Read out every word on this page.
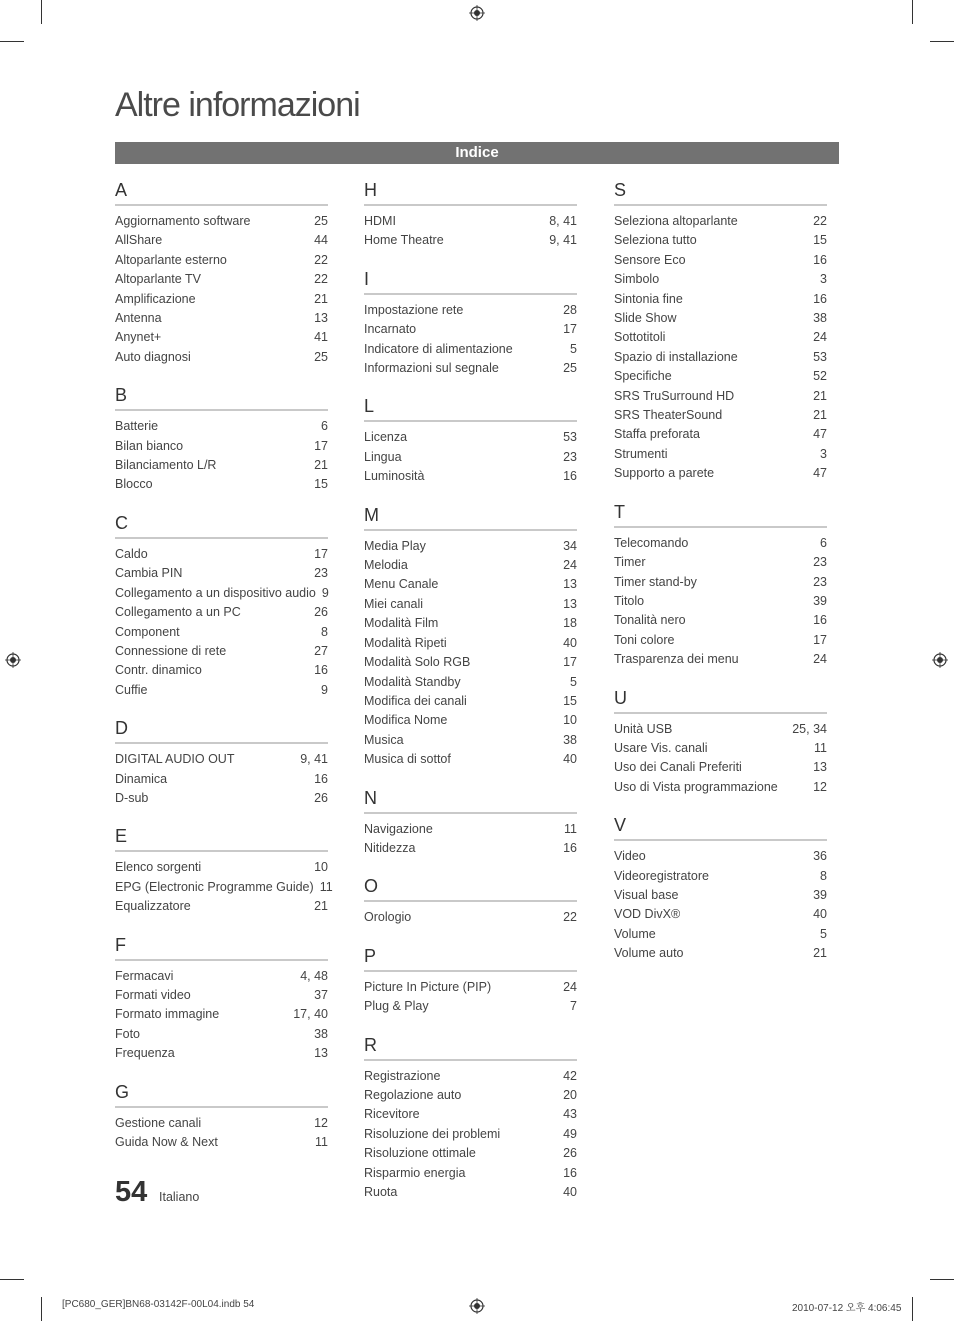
Altre informazioni
Indice
A
Aggiornamento software	25
AllShare	44
Altoparlante esterno	22
Altoparlante TV	22
Amplificazione	21
Antenna	13
Anynet+	41
Auto diagnosi	25
B
Batterie	6
Bilan bianco	17
Bilanciamento L/R	21
Blocco	15
C
Caldo	17
Cambia PIN	23
Collegamento a un dispositivo audio 9
Collegamento a un PC	26
Component	8
Connessione di rete	27
Contr. dinamico	16
Cuffie	9
D
DIGITAL AUDIO OUT	9, 41
Dinamica	16
D-sub	26
E
Elenco sorgenti	10
EPG (Electronic Programme Guide) 11
Equalizzatore	21
F
Fermacavi	4, 48
Formati video	37
Formato immagine	17, 40
Foto	38
Frequenza	13
G
Gestione canali	12
Guida Now & Next	11
H
HDMI	8, 41
Home Theatre	9, 41
I
Impostazione rete	28
Incarnato	17
Indicatore di alimentazione	5
Informazioni sul segnale	25
L
Licenza	53
Lingua	23
Luminosità	16
M
Media Play	34
Melodia	24
Menu Canale	13
Miei canali	13
Modalità Film	18
Modalità Ripeti	40
Modalità Solo RGB	17
Modalità Standby	5
Modifica dei canali	15
Modifica Nome	10
Musica	38
Musica di sottof	40
N
Navigazione	11
Nitidezza	16
O
Orologio	22
P
Picture In Picture (PIP)	24
Plug & Play	7
R
Registrazione	42
Regolazione auto	20
Ricevitore	43
Risoluzione dei problemi	49
Risoluzione ottimale	26
Risparmio energia	16
Ruota	40
S
Seleziona altoparlante	22
Seleziona tutto	15
Sensore Eco	16
Simbolo	3
Sintonia fine	16
Slide Show	38
Sottotitoli	24
Spazio di installazione	53
Specifiche	52
SRS TruSurround HD	21
SRS TheaterSound	21
Staffa preforata	47
Strumenti	3
Supporto a parete	47
T
Telecomando	6
Timer	23
Timer stand-by	23
Titolo	39
Tonalità nero	16
Toni colore	17
Trasparenza dei menu	24
U
Unità USB	25, 34
Usare Vis. canali	11
Uso dei Canali Preferiti	13
Uso di Vista programmazione	12
V
Video	36
Videoregistratore	8
Visual base	39
VOD DivX®	40
Volume	5
Volume auto	21
54 Italiano
[PC680_GER]BN68-03142F-00L04.indb 54	2010-07-12 오후 4:06:45
